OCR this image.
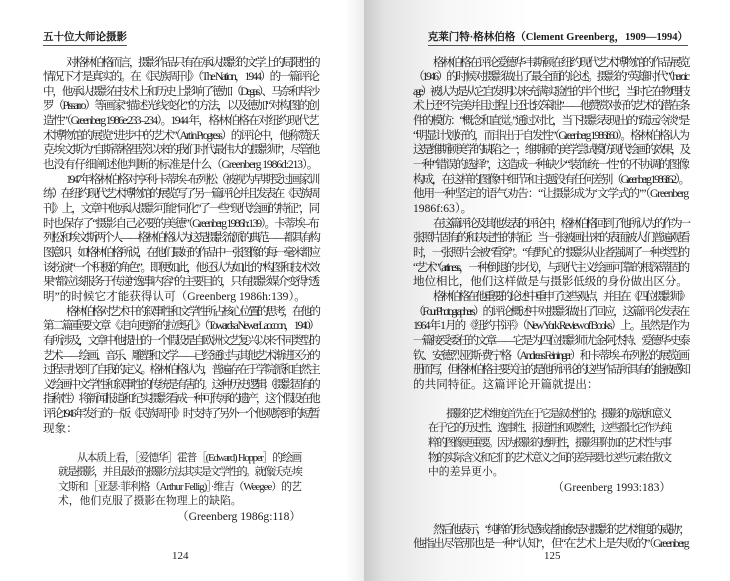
五十位大师论摄影
对格林伯格而言，摄影作品只有在承认摄影的文学上的局限性的
情况下才是真实的。在《民族周刊》（The Nation，1944）的一篇评论
中，他承认摄影在技术上和历史上影响了德加（Degas）、马奈和毕沙
罗（Pissarro）等画家“描述光线变化”的方法，以及德加“对构图的创
造性”（Greenberg 1986e:233–234）。1944 年，格林伯格在对纽约现代艺
术博物馆的展览“进步中的艺术”（Art in Progress）的评论中，他称赞沃
克·埃文斯为“自斯蒂格里茨以来的我们时代最伟大的摄影师”，尽管他
也没有仔细阐述他判断的标准是什么（Greenberg 1986d:213）。
1947 年格林伯格对亨利·卡蒂埃–布列松（被视为早期受过画家训
练）在纽约现代艺术博物馆的展览写了另一篇评论并且发表在《民族周
刊》上，文章中他承认摄影可能“同化”了一些“现代绘画的特征”，同
时也保存了“摄影自己必要的美德”（Greenberg 1986h:139）。卡蒂埃–布
列松和埃文斯两个人——格林伯格认为这是摄影流派的典范——都具有构
图意识，如格林伯格所说，在他们最好的作品中一张图像的每一毫米都应
该扮演“一个积极的角色”。即便如此，他还认为如此的“构图和技术效
果”都应该服务于传递“逸事内容”的主要目的，只有摄影媒介变得“透
明”的时候它才能获得认可（Greenberg 1986h:139）。
格林伯格对艺术中的叙事性和文学性所占核心位置的思考，在他的
第二篇重要文章《走向更新的拉奥孔》（Towards a Newer Laocoon，1940）
有所涉及，文章中他提出的一个假设是自欧洲文艺复兴以来不同类型的
艺术——绘画、音乐、雕塑和文学——已经通过与其他艺术渐进区分的
过程寻找到了自我的定义。格林伯格认为，普遍存在于学院派和自然主
义绘画中文学性和叙事性的传统是有害的。这种历史逻辑（摄影固有的
指称性）将新闻报道和纪实摄影看成一种可传承的遗产，这个假设在他
评论 1946 年发行的一版《民族周刊》时支持了另外一个他观察到的短暂
现象：
从本质上看，［爱德华］霍普［(Edward) Hopper］的绘画
就是摄影，并且最好的摄影方法其实是文学性的。就像沃克·埃
文斯和［亚瑟·菲利格（Arthur Fellig)］·维吉（Weegee）的艺
术，他们克服了摄影在物理上的缺陷。
（Greenberg 1986g:118）
124
克莱门特·格林伯格（Clement Greenberg，1909—1994）
格林伯格在评论爱德华·韦斯顿在纽约现代艺术博物馆的作品展览
（1946）的时候对摄影做出了最全面的论述。摄影的“英雄时代”（heroic
age）被认为是从它自发明以来充满实验性的半个世纪，当时它在物理技
术上还“不完美并且过程上还比较笨拙”——他赞赏对好的艺术的潜在条
件的模仿：“概念和直觉。”通过对比，当下摄影表现出的“疏远冷淡”是
“明显计划好的，而非出于自发性”（Greenberg 1986f:60）。格林伯格认为
这是维斯顿美学的缺陷之一，维斯顿的美学尝试模仿现代绘画的效果，及
一种“错误的选择”，这造成一种缺少“装饰统一性”的不协调的图像
构成，在这样的图像中细节和主题没有任何差别（Greenberg 1986f:62）。
他用一种坚定的语气劝告：“让摄影成为‘文学式的’”（Greenberg
1986f:63）。
在这篇评论及其他发表的评论中，格林伯格回到了他所认为的作为一
张照片固有的和决定性的特征：当一张被画出来的表面被人们普遍观看
时，一张照片会被“看穿”。“有野心的”摄影从业者强调了一种类型的
“艺术”（artiness，一种倒退的步伐），与现代主义绘画可靠的根深蒂固的
地位相比，他们这样做是与摄影低级的身份做出区分。
格林伯格在他重要的论述中重申了这些观点，并且在《四位摄影师》
（Four Photographers）的评论概述中对摄影做出了回应，这篇评论发表在
1964 年 1 月的《纽约书评》（New York Review of Books）上。虽然是作为
一篇接受委任的文章——它是为四位摄影师尤金·阿杰特、爱德华·史泰
钦、安德烈亚斯·费宁格（Andreas Feininger）和卡蒂埃–布列松的展览画
册而写，但格林伯格主要关注的是他所评论的这些作品所具有的能被感知
的共同特征。这篇评论开篇就提出：
摄影的艺术维度首先在于它是叙述性的；摄影的成就和意义
在于它的历史性、逸事性、报道性和观察性，这些都比它作为纯
粹的图像更重要。因为摄影的透明性，摄影里附加的艺术性与事
物的实际含义和它们的艺术意义之间的差异要比这些元素在散文
中的差异更小。
（Greenberg 1993:183）
然后他表示，“纯粹的形式感或者抽象是对摄影的艺术维度的威胁”，
他指出尽管那也是一种“认知”，但“在艺术上是失败的”（Greenberg
125
